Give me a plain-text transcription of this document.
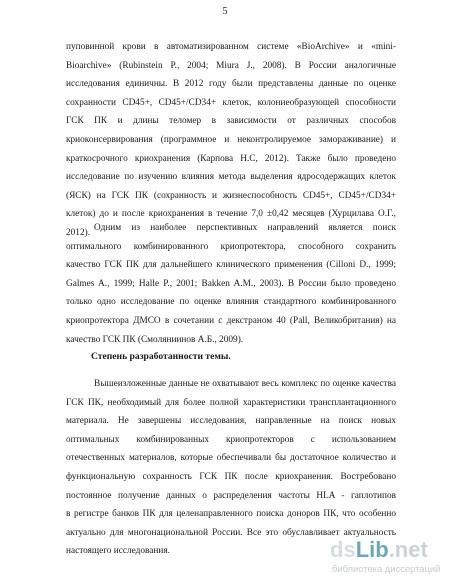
5
пуповинной крови в автоматизированном системе «BioArchive» и «mini-
Bioarchive» (Rubinstein P., 2004; Miura J., 2008). В России аналогичные
исследования единичны. В 2012 году были представлены данные по оценке
сохранности CD45+, CD45+/CD34+ клеток, колониеобразующей способности
ГСК ПК и длины теломер в зависимости от различных способов
криоконсервирования (программное и неконтролируемое замораживание) и
краткосрочного криохранения (Карпова Н.С, 2012). Также было проведено
исследование по изучению влияния метода выделения ядросодержащих клеток
(ЯСК) на ГСК ПК (сохранность и жизнеспособность CD45+, CD45+/CD34+
клеток) до и после криохранения в течение 7,0 ±0,42 месяцев (Хурцилава О.Г.,
2012). Одним из наиболее перспективных направлений является поиск
оптимального комбинированного криопротектора, способного сохранить
качество ГСК ПК для дальнейшего клинического применения (Cilloni D., 1999;
Galmes A., 1999; Halle P., 2001; Bakken A.M., 2003). В России было проведено
только одно исследование по оценке влияния стандартного комбинированного
криопротектора ДМСО в сочетании с декстраном 40 (Pall, Великобритания) на
качество ГСК ПК (Смоляниинов А.Б., 2009).
Степень разработанности темы.
Вышеизложенные данные не охватывают весь комплекс по оценке качества
ГСК ПК, необходимый для более полной характеристики трансплантационного
материала. Не завершены исследования, направленные на поиск новых
оптимальных комбинированных криопротекторов с использованием
отечественных материалов, которые обеспечивали бы достаточное количество и
функциональную сохранность ГСК ПК после криохранения. Востребовано
постоянное получение данных о распределения частоты HLA - гаплотипов
в регистре банков ПК для целенаправленного поиска доноров ПК, что особенно
актуально для многонациональной России. Все это обуславливает актуальность
настоящего исследования.	dsLib.net
библиотека диссертаций
